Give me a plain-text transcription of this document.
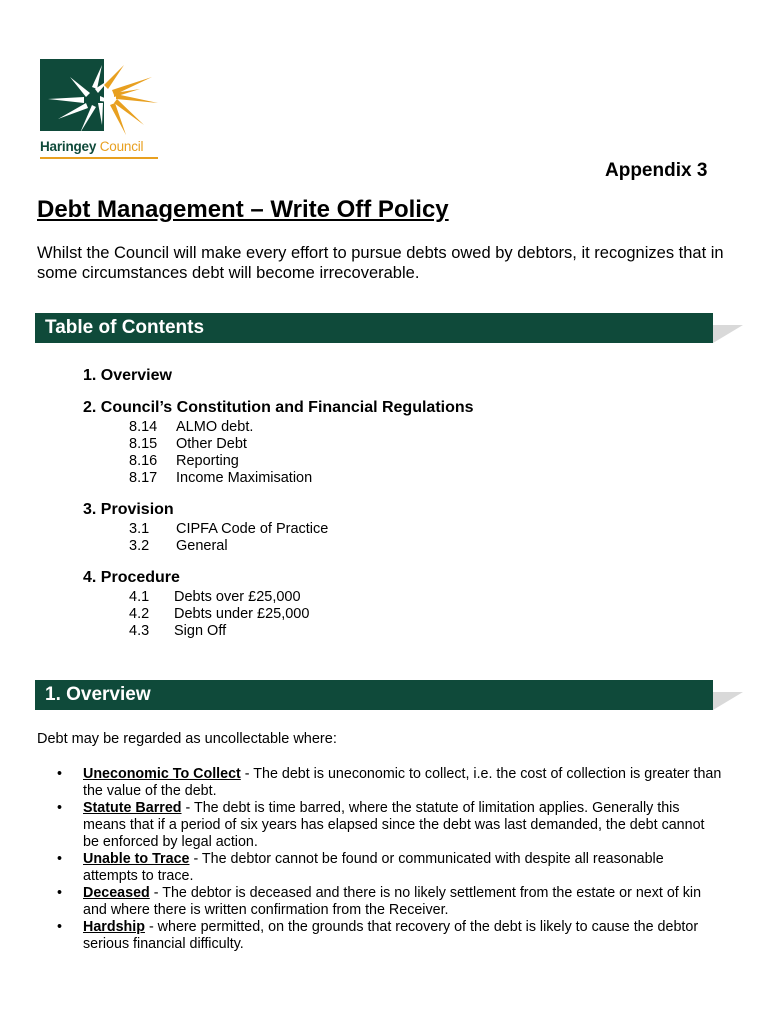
Haringey Council
Appendix 3
Debt Management – Write Off Policy
Whilst the Council will make every effort to pursue debts owed by debtors, it recognizes that in some circumstances debt will become irrecoverable.
Table of Contents
1. Overview
2. Council’s Constitution and Financial Regulations
8.14 ALMO debt.
8.15 Other Debt
8.16 Reporting
8.17 Income Maximisation
3. Provision
3.1 CIPFA Code of Practice
3.2 General
4. Procedure
4.1 Debts over £25,000
4.2 Debts under £25,000
4.3 Sign Off
1. Overview
Debt may be regarded as uncollectable where:
• Uneconomic To Collect - The debt is uneconomic to collect, i.e. the cost of collection is greater than the value of the debt.
• Statute Barred - The debt is time barred, where the statute of limitation applies. Generally this means that if a period of six years has elapsed since the debt was last demanded, the debt cannot be enforced by legal action.
• Unable to Trace - The debtor cannot be found or communicated with despite all reasonable attempts to trace.
• Deceased - The debtor is deceased and there is no likely settlement from the estate or next of kin and where there is written confirmation from the Receiver.
• Hardship - where permitted, on the grounds that recovery of the debt is likely to cause the debtor serious financial difficulty.
